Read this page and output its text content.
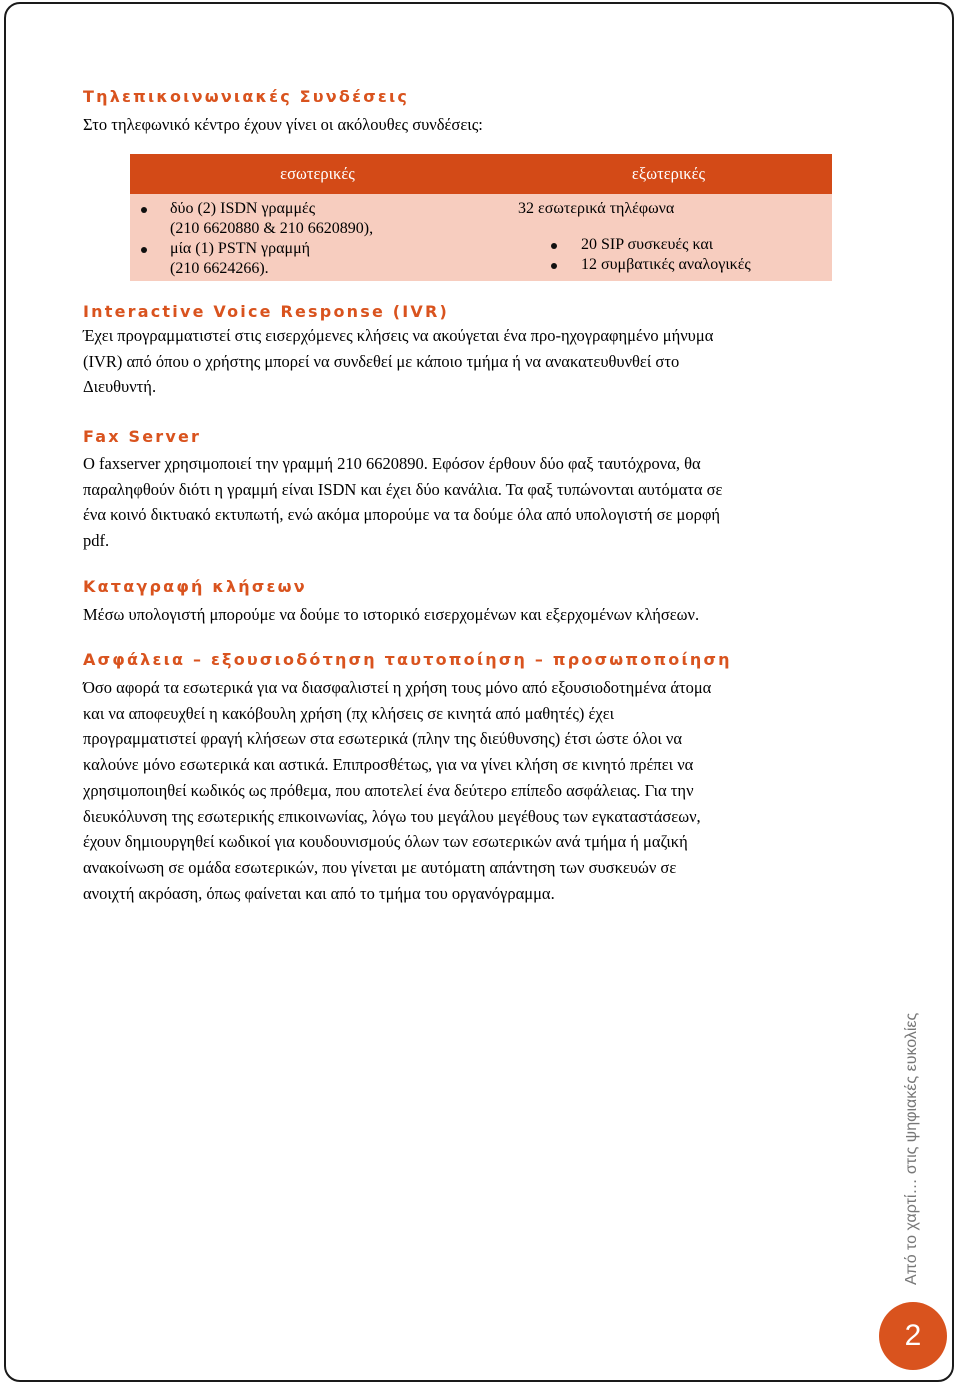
Τηλεπικοινωνιακές Συνδέσεις

Στο τηλεφωνικό κέντρο έχουν γίνει οι ακόλουθες συνδέσεις:

εσωτερικές	εξωτερικές
δύο (2) ISDN γραμμές
(210 6620880 & 210 6620890),
μία (1) PSTN γραμμή
(210 6624266).
32 εσωτερικά τηλέφωνα
20 SIP συσκευές και
12 συμβατικές αναλογικές
Interactive Voice Response (IVR)

Έχει προγραμματιστεί στις εισερχόμενες κλήσεις να ακούγεται ένα προ-ηχογραφημένο μήνυμα

(IVR) από όπου ο χρήστης μπορεί να συνδεθεί με κάποιο τμήμα ή να ανακατευθυνθεί στο

Διευθυντή.

Fax Server

Ο faxserver χρησιμοποιεί την γραμμή 210 6620890. Εφόσον έρθουν δύο φαξ ταυτόχρονα, θα

παραληφθούν διότι η γραμμή είναι ISDN και έχει δύο κανάλια. Τα φαξ τυπώνονται αυτόματα σε

ένα κοινό δικτυακό εκτυπωτή, ενώ ακόμα μπορούμε να τα δούμε όλα από υπολογιστή σε μορφή

pdf.

Καταγραφή κλήσεων

Μέσω υπολογιστή μπορούμε να δούμε το ιστορικό εισερχομένων και εξερχομένων κλήσεων.

Ασφάλεια – εξουσιοδότηση ταυτοποίηση – προσωποποίηση

Όσο αφορά τα εσωτερικά για να διασφαλιστεί η χρήση τους μόνο από εξουσιοδοτημένα άτομα

και να αποφευχθεί η κακόβουλη χρήση (πχ κλήσεις σε κινητά από μαθητές) έχει

προγραμματιστεί φραγή κλήσεων στα εσωτερικά (πλην της διεύθυνσης) έτσι ώστε όλοι να

καλούνε μόνο εσωτερικά και αστικά. Επιπροσθέτως, για να γίνει κλήση σε κινητό πρέπει να

χρησιμοποιηθεί κωδικός ως πρόθεμα, που αποτελεί ένα δεύτερο επίπεδο ασφάλειας. Για την

διευκόλυνση της εσωτερικής επικοινωνίας, λόγω του μεγάλου μεγέθους των εγκαταστάσεων,

έχουν δημιουργηθεί κωδικοί για κουδουνισμούς όλων των εσωτερικών ανά τμήμα ή μαζική

ανακοίνωση σε ομάδα εσωτερικών, που γίνεται με αυτόματη απάντηση των συσκευών σε

ανοιχτή ακρόαση, όπως φαίνεται και από το τμήμα του οργανόγραμμα.

Από το χαρτί… στις ψηφιακές ευκολίες
2
